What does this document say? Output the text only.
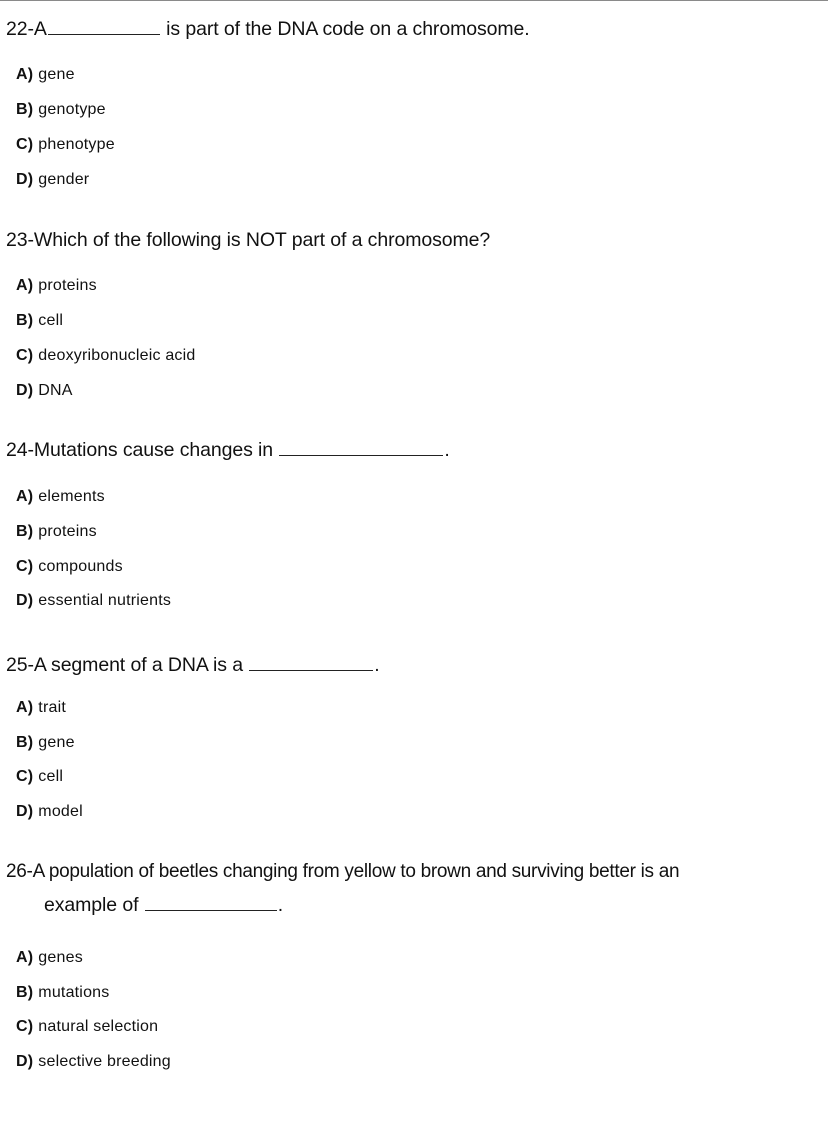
22-A	is part of the DNA code on a chromosome.
A) gene
B) genotype
C) phenotype
D) gender
23-Which of the following is NOT part of a chromosome?
A) proteins
B) cell
C) deoxyribonucleic acid
D) DNA
24-Mutations cause changes in	.
A) elements
B) proteins
C) compounds
D) essential nutrients
25-A segment of a DNA is a	.
A) trait
B) gene
C) cell
D) model
26-A population of beetles changing from yellow to brown and surviving better is an
example of	.
A) genes
B) mutations
C) natural selection
D) selective breeding
